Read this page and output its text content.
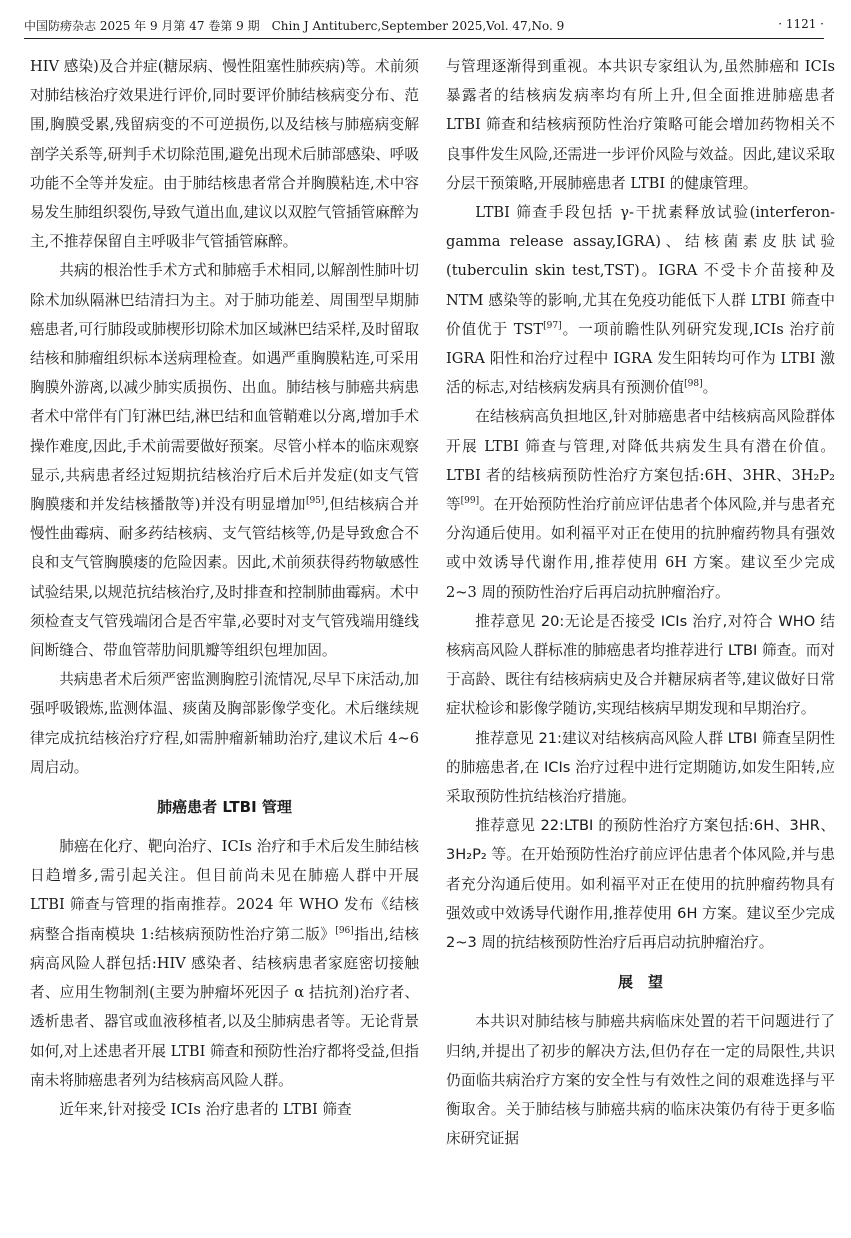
中国防痨杂志 2025 年 9 月第 47 卷第 9 期　Chin J Antituberc,September 2025,Vol. 47,No. 9	· 1121 ·

HIV 感染)及合并症(糖尿病、慢性阻塞性肺疾病)等。术前须对肺结核治疗效果进行评价,同时要评价肺结核病变分布、范围,胸膜受累,残留病变的不可逆损伤,以及结核与肺癌病变解剖学关系等,研判手术切除范围,避免出现术后肺部感染、呼吸功能不全等并发症。由于肺结核患者常合并胸膜粘连,术中容易发生肺组织裂伤,导致气道出血,建议以双腔气管插管麻醉为主,不推荐保留自主呼吸非气管插管麻醉。

共病的根治性手术方式和肺癌手术相同,以解剖性肺叶切除术加纵隔淋巴结清扫为主。对于肺功能差、周围型早期肺癌患者,可行肺段或肺楔形切除术加区域淋巴结采样,及时留取结核和肺瘤组织标本送病理检查。如遇严重胸膜粘连,可采用胸膜外游离,以减少肺实质损伤、出血。肺结核与肺癌共病患者术中常伴有门钉淋巴结,淋巴结和血管鞘难以分离,增加手术操作难度,因此,手术前需要做好预案。尽管小样本的临床观察显示,共病患者经过短期抗结核治疗后术后并发症(如支气管胸膜瘘和并发结核播散等)并没有明显增加[95],但结核病合并慢性曲霉病、耐多药结核病、支气管结核等,仍是导致愈合不良和支气管胸膜瘘的危险因素。因此,术前须获得药物敏感性试验结果,以规范抗结核治疗,及时排查和控制肺曲霉病。术中须检查支气管残端闭合是否牢靠,必要时对支气管残端用缝线间断缝合、带血管蒂肋间肌瓣等组织包埋加固。

共病患者术后须严密监测胸腔引流情况,尽早下床活动,加强呼吸锻炼,监测体温、痰菌及胸部影像学变化。术后继续规律完成抗结核治疗疗程,如需肿瘤新辅助治疗,建议术后 4~6 周启动。

肺癌患者 LTBI 管理

肺癌在化疗、靶向治疗、ICIs 治疗和手术后发生肺结核日趋增多,需引起关注。但目前尚未见在肺癌人群中开展 LTBI 筛查与管理的指南推荐。2024 年 WHO 发布《结核病整合指南模块 1:结核病预防性治疗第二版》[96]指出,结核病高风险人群包括:HIV 感染者、结核病患者家庭密切接触者、应用生物制剂(主要为肿瘤坏死因子 α 拮抗剂)治疗者、透析患者、器官或血液移植者,以及尘肺病患者等。无论背景如何,对上述患者开展 LTBI 筛查和预防性治疗都将受益,但指南未将肺癌患者列为结核病高风险人群。

近年来,针对接受 ICIs 治疗患者的 LTBI 筛查

与管理逐渐得到重视。本共识专家组认为,虽然肺癌和 ICIs 暴露者的结核病发病率均有所上升,但全面推进肺癌患者 LTBI 筛查和结核病预防性治疗策略可能会增加药物相关不良事件发生风险,还需进一步评价风险与效益。因此,建议采取分层干预策略,开展肺癌患者 LTBI 的健康管理。

LTBI 筛查手段包括 γ-干扰素释放试验(interferon-gamma release assay,IGRA)、结核菌素皮肤试验(tuberculin skin test,TST)。IGRA 不受卡介苗接种及 NTM 感染等的影响,尤其在免疫功能低下人群 LTBI 筛查中价值优于 TST[97]。一项前瞻性队列研究发现,ICIs 治疗前 IGRA 阳性和治疗过程中 IGRA 发生阳转均可作为 LTBI 激活的标志,对结核病发病具有预测价值[98]。

在结核病高负担地区,针对肺癌患者中结核病高风险群体开展 LTBI 筛查与管理,对降低共病发生具有潜在价值。LTBI 者的结核病预防性治疗方案包括:6H、3HR、3H₂P₂ 等[99]。在开始预防性治疗前应评估患者个体风险,并与患者充分沟通后使用。如利福平对正在使用的抗肿瘤药物具有强效或中效诱导代谢作用,推荐使用 6H 方案。建议至少完成 2~3 周的预防性治疗后再启动抗肿瘤治疗。

推荐意见 20:无论是否接受 ICIs 治疗,对符合 WHO 结核病高风险人群标准的肺癌患者均推荐进行 LTBI 筛查。而对于高龄、既往有结核病病史及合并糖尿病者等,建议做好日常症状检诊和影像学随访,实现结核病早期发现和早期治疗。

推荐意见 21:建议对结核病高风险人群 LTBI 筛查呈阴性的肺癌患者,在 ICIs 治疗过程中进行定期随访,如发生阳转,应采取预防性抗结核治疗措施。

推荐意见 22:LTBI 的预防性治疗方案包括:6H、3HR、3H₂P₂ 等。在开始预防性治疗前应评估患者个体风险,并与患者充分沟通后使用。如利福平对正在使用的抗肿瘤药物具有强效或中效诱导代谢作用,推荐使用 6H 方案。建议至少完成 2~3 周的抗结核预防性治疗后再启动抗肿瘤治疗。

展　望

本共识对肺结核与肺癌共病临床处置的若干问题进行了归纳,并提出了初步的解决方法,但仍存在一定的局限性,共识仍面临共病治疗方案的安全性与有效性之间的艰难选择与平衡取舍。关于肺结核与肺癌共病的临床决策仍有待于更多临床研究证据
